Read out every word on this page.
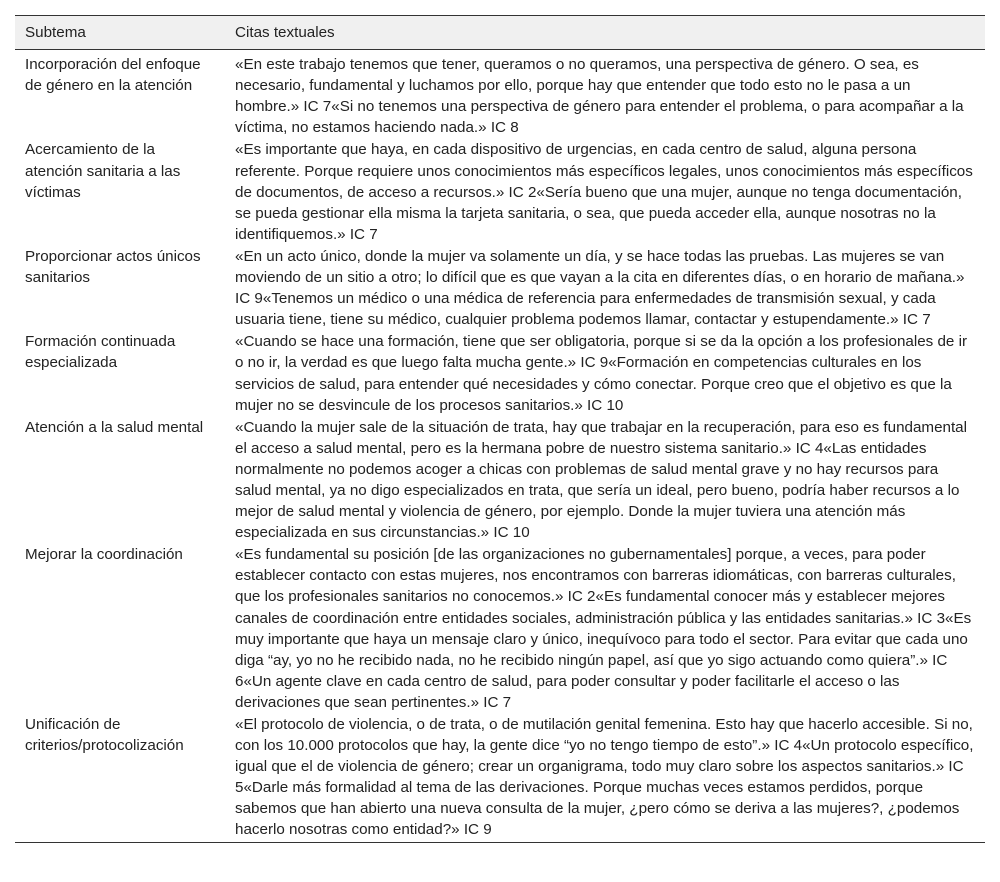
Subtema	Citas textuales
Incorporación del enfoque de género en la atención	«En este trabajo tenemos que tener, queramos o no queramos, una perspectiva de género. O sea, es necesario, fundamental y luchamos por ello, porque hay que entender que todo esto no le pasa a un hombre.» IC 7«Si no tenemos una perspectiva de género para entender el problema, o para acompañar a la víctima, no estamos haciendo nada.» IC 8
Acercamiento de la atención sanitaria a las víctimas	«Es importante que haya, en cada dispositivo de urgencias, en cada centro de salud, alguna persona referente. Porque requiere unos conocimientos más específicos legales, unos conocimientos más específicos de documentos, de acceso a recursos.» IC 2«Sería bueno que una mujer, aunque no tenga documentación, se pueda gestionar ella misma la tarjeta sanitaria, o sea, que pueda acceder ella, aunque nosotras no la identifiquemos.» IC 7
Proporcionar actos únicos sanitarios	«En un acto único, donde la mujer va solamente un día, y se hace todas las pruebas. Las mujeres se van moviendo de un sitio a otro; lo difícil que es que vayan a la cita en diferentes días, o en horario de mañana.» IC 9«Tenemos un médico o una médica de referencia para enfermedades de transmisión sexual, y cada usuaria tiene, tiene su médico, cualquier problema podemos llamar, contactar y estupendamente.» IC 7
Formación continuada especializada	«Cuando se hace una formación, tiene que ser obligatoria, porque si se da la opción a los profesionales de ir o no ir, la verdad es que luego falta mucha gente.» IC 9«Formación en competencias culturales en los servicios de salud, para entender qué necesidades y cómo conectar. Porque creo que el objetivo es que la mujer no se desvincule de los procesos sanitarios.» IC 10
Atención a la salud mental	«Cuando la mujer sale de la situación de trata, hay que trabajar en la recuperación, para eso es fundamental el acceso a salud mental, pero es la hermana pobre de nuestro sistema sanitario.» IC 4«Las entidades normalmente no podemos acoger a chicas con problemas de salud mental grave y no hay recursos para salud mental, ya no digo especializados en trata, que sería un ideal, pero bueno, podría haber recursos a lo mejor de salud mental y violencia de género, por ejemplo. Donde la mujer tuviera una atención más especializada en sus circunstancias.» IC 10
Mejorar la coordinación	«Es fundamental su posición [de las organizaciones no gubernamentales] porque, a veces, para poder establecer contacto con estas mujeres, nos encontramos con barreras idiomáticas, con barreras culturales, que los profesionales sanitarios no conocemos.» IC 2«Es fundamental conocer más y establecer mejores canales de coordinación entre entidades sociales, administración pública y las entidades sanitarias.» IC 3«Es muy importante que haya un mensaje claro y único, inequívoco para todo el sector. Para evitar que cada uno diga “ay, yo no he recibido nada, no he recibido ningún papel, así que yo sigo actuando como quiera”.» IC 6«Un agente clave en cada centro de salud, para poder consultar y poder facilitarle el acceso o las derivaciones que sean pertinentes.» IC 7
Unificación de criterios/protocolización	«El protocolo de violencia, o de trata, o de mutilación genital femenina. Esto hay que hacerlo accesible. Si no, con los 10.000 protocolos que hay, la gente dice “yo no tengo tiempo de esto”.» IC 4«Un protocolo específico, igual que el de violencia de género; crear un organigrama, todo muy claro sobre los aspectos sanitarios.» IC 5«Darle más formalidad al tema de las derivaciones. Porque muchas veces estamos perdidos, porque sabemos que han abierto una nueva consulta de la mujer, ¿pero cómo se deriva a las mujeres?, ¿podemos hacerlo nosotras como entidad?» IC 9
